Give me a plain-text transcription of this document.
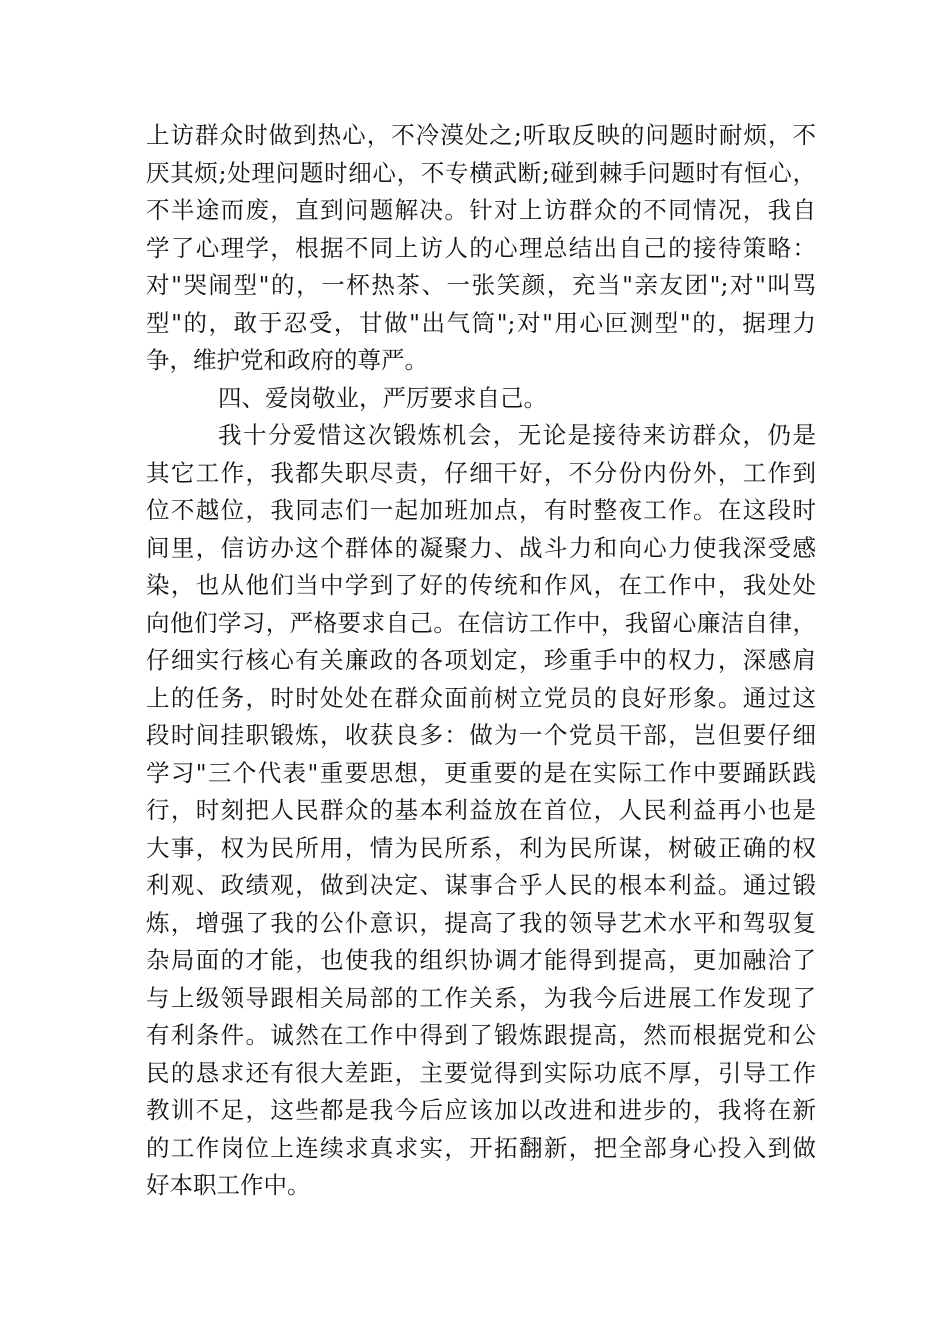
上访群众时做到热心，不冷漠处之;听取反映的问题时耐烦，不
厌其烦;处理问题时细心，不专横武断;碰到棘手问题时有恒心，
不半途而废，直到问题解决。针对上访群众的不同情况，我自
学了心理学，根据不同上访人的心理总结出自己的接待策略：
对"哭闹型"的，一杯热茶、一张笑颜，充当"亲友团";对"叫骂
型"的，敢于忍受，甘做"出气筒";对"用心叵测型"的，据理力
争，维护党和政府的尊严。
四、爱岗敬业，严厉要求自己。
我十分爱惜这次锻炼机会，无论是接待来访群众，仍是
其它工作，我都失职尽责，仔细干好，不分份内份外，工作到
位不越位，我同志们一起加班加点，有时整夜工作。在这段时
间里，信访办这个群体的凝聚力、战斗力和向心力使我深受感
染，也从他们当中学到了好的传统和作风，在工作中，我处处
向他们学习，严格要求自己。在信访工作中，我留心廉洁自律，
仔细实行核心有关廉政的各项划定，珍重手中的权力，深感肩
上的任务，时时处处在群众面前树立党员的良好形象。通过这
段时间挂职锻炼，收获良多：做为一个党员干部，岂但要仔细
学习"三个代表"重要思想，更重要的是在实际工作中要踊跃践
行，时刻把人民群众的基本利益放在首位，人民利益再小也是
大事，权为民所用，情为民所系，利为民所谋，树破正确的权
利观、政绩观，做到决定、谋事合乎人民的根本利益。通过锻
炼，增强了我的公仆意识，提高了我的领导艺术水平和驾驭复
杂局面的才能，也使我的组织协调才能得到提高，更加融洽了
与上级领导跟相关局部的工作关系，为我今后进展工作发现了
有利条件。诚然在工作中得到了锻炼跟提高，然而根据党和公
民的恳求还有很大差距，主要觉得到实际功底不厚，引导工作
教训不足，这些都是我今后应该加以改进和进步的，我将在新
的工作岗位上连续求真求实，开拓翻新，把全部身心投入到做
好本职工作中。
